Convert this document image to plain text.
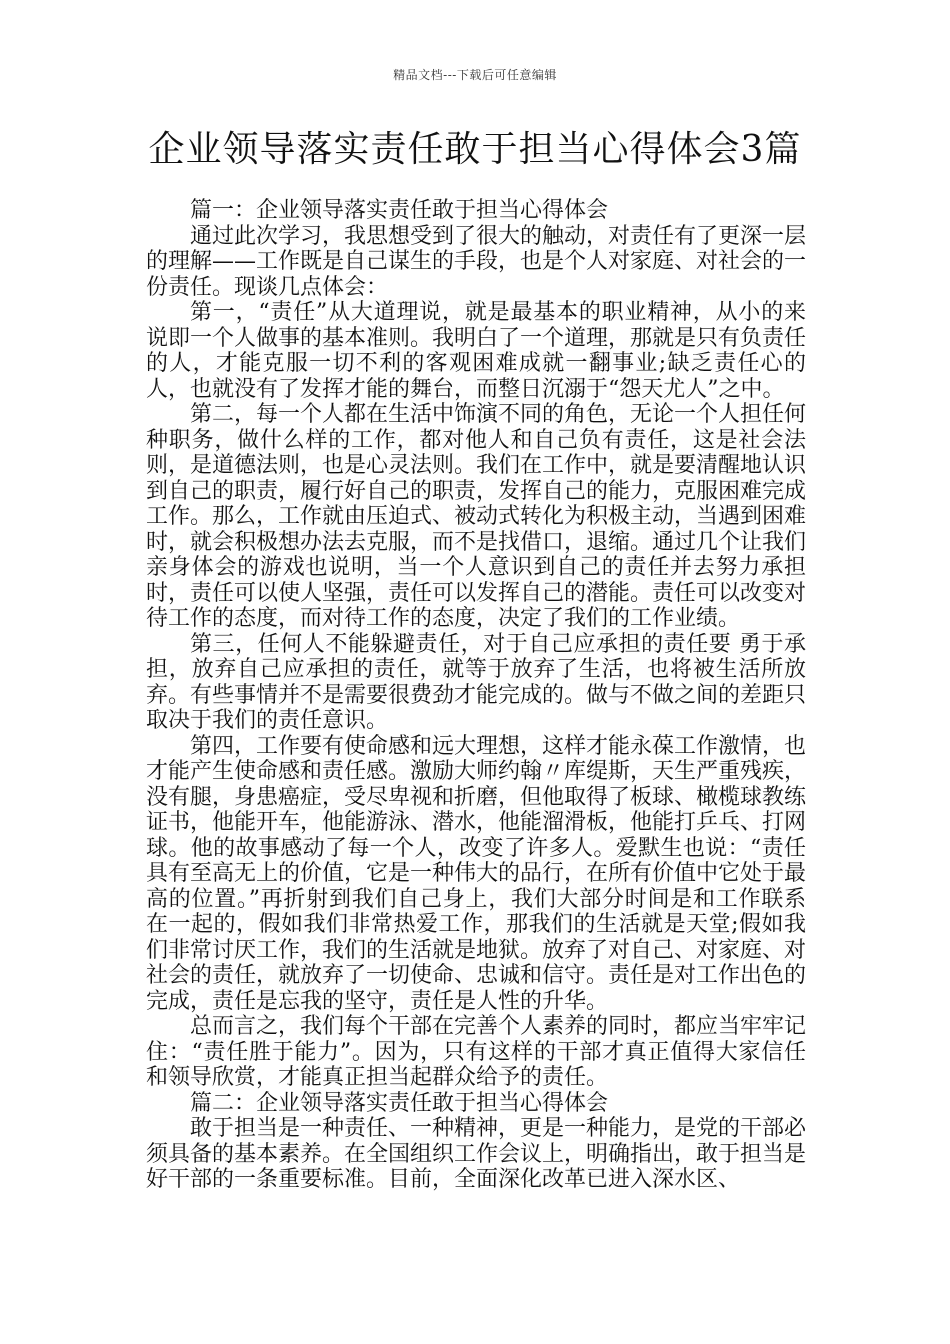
精品文档---下载后可任意编辑
企业领导落实责任敢于担当心得体会3篇

篇一：企业领导落实责任敢于担当心得体会

通过此次学习，我思想受到了很大的触动，对责任有了更深一层的理解——工作既是自己谋生的手段，也是个人对家庭、对社会的一份责任。现谈几点体会：

第一，“责任”从大道理说，就是最基本的职业精神，从小的来说即一个人做事的基本准则。我明白了一个道理，那就是只有负责任的人，才能克服一切不利的客观困难成就一翻事业;缺乏责任心的人，也就没有了发挥才能的舞台，而整日沉溺于“怨天尤人”之中。

第二，每一个人都在生活中饰演不同的角色，无论一个人担任何种职务，做什么样的工作，都对他人和自己负有责任，这是社会法则，是道德法则，也是心灵法则。我们在工作中，就是要清醒地认识到自己的职责，履行好自己的职责，发挥自己的能力，克服困难完成工作。那么，工作就由压迫式、被动式转化为积极主动，当遇到困难时，就会积极想办法去克服，而不是找借口，退缩。通过几个让我们亲身体会的游戏也说明，当一个人意识到自己的责任并去努力承担时，责任可以使人坚强，责任可以发挥自己的潜能。责任可以改变对待工作的态度，而对待工作的态度，决定了我们的工作业绩。

第三，任何人不能躲避责任，对于自己应承担的责任要 勇于承担，放弃自己应承担的责任，就等于放弃了生活，也将被生活所放弃。有些事情并不是需要很费劲才能完成的。做与不做之间的差距只取决于我们的责任意识。

第四，工作要有使命感和远大理想，这样才能永葆工作激情，也才能产生使命感和责任感。激励大师约翰〃库缇斯，天生严重残疾，没有腿，身患癌症，受尽卑视和折磨，但他取得了板球、橄榄球教练证书，他能开车，他能游泳、潜水，他能溜滑板，他能打乒乓、打网球。他的故事感动了每一个人，改变了许多人。爱默生也说：“责任具有至高无上的价值，它是一种伟大的品行，在所有价值中它处于最高的位置。”再折射到我们自己身上，我们大部分时间是和工作联系在一起的，假如我们非常热爱工作，那我们的生活就是天堂;假如我们非常讨厌工作，我们的生活就是地狱。放弃了对自己、对家庭、对社会的责任，就放弃了一切使命、忠诚和信守。责任是对工作出色的完成，责任是忘我的坚守，责任是人性的升华。

总而言之，我们每个干部在完善个人素养的同时，都应当牢牢记住：“责任胜于能力”。因为，只有这样的干部才真正值得大家信任和领导欣赏，才能真正担当起群众给予的责任。

篇二：企业领导落实责任敢于担当心得体会

敢于担当是一种责任、一种精神，更是一种能力，是党的干部必须具备的基本素养。在全国组织工作会议上，明确指出，敢于担当是好干部的一条重要标准。目前，全面深化改革已进入深水区、
